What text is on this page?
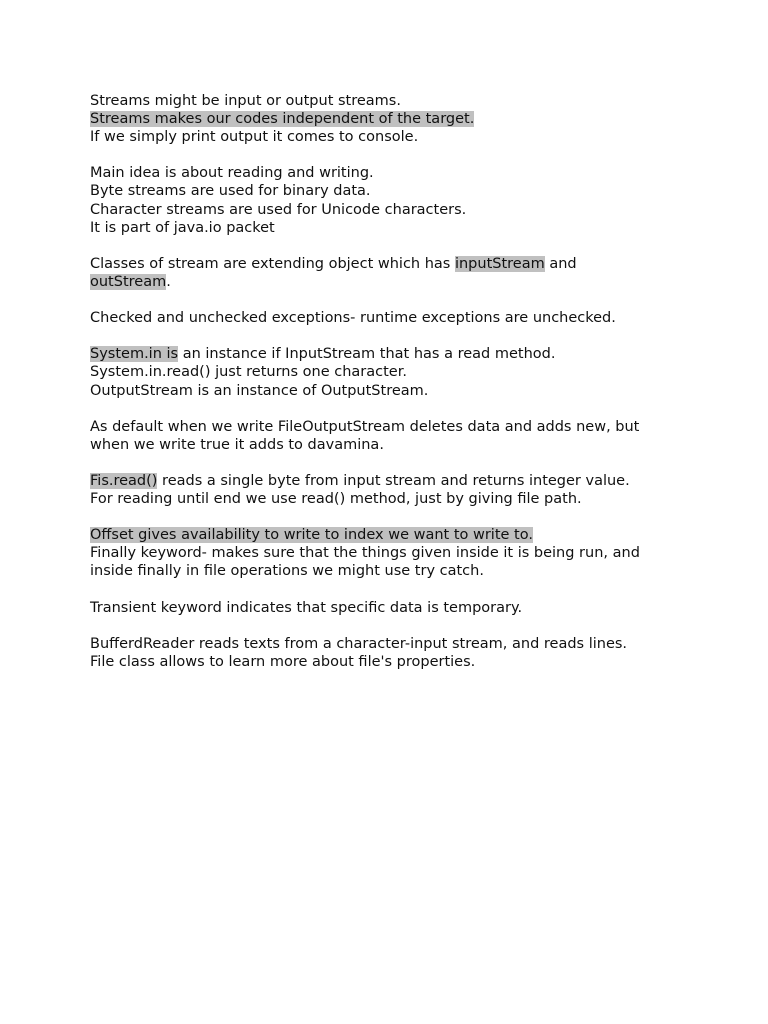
Streams might be input or output streams.
Streams makes our codes independent of the target.
If we simply print output it comes to console.

Main idea is about reading and writing.
Byte streams are used for binary data.
Character streams are used for Unicode characters.
It is part of java.io packet

Classes of stream are extending object which has inputStream and
outStream.

Checked and unchecked exceptions- runtime exceptions are unchecked.

System.in is an instance if InputStream that has a read method.
System.in.read() just returns one character.
OutputStream is an instance of OutputStream.

As default when we write FileOutputStream deletes data and adds new, but
when we write true it adds to davamina.

Fis.read() reads a single byte from input stream and returns integer value.
For reading until end we use read() method, just by giving file path.

Offset gives availability to write to index we want to write to.
Finally keyword- makes sure that the things given inside it is being run, and
inside finally in file operations we might use try catch.

Transient keyword indicates that specific data is temporary.

BufferdReader reads texts from a character-input stream, and reads lines.
File class allows to learn more about file's properties.
